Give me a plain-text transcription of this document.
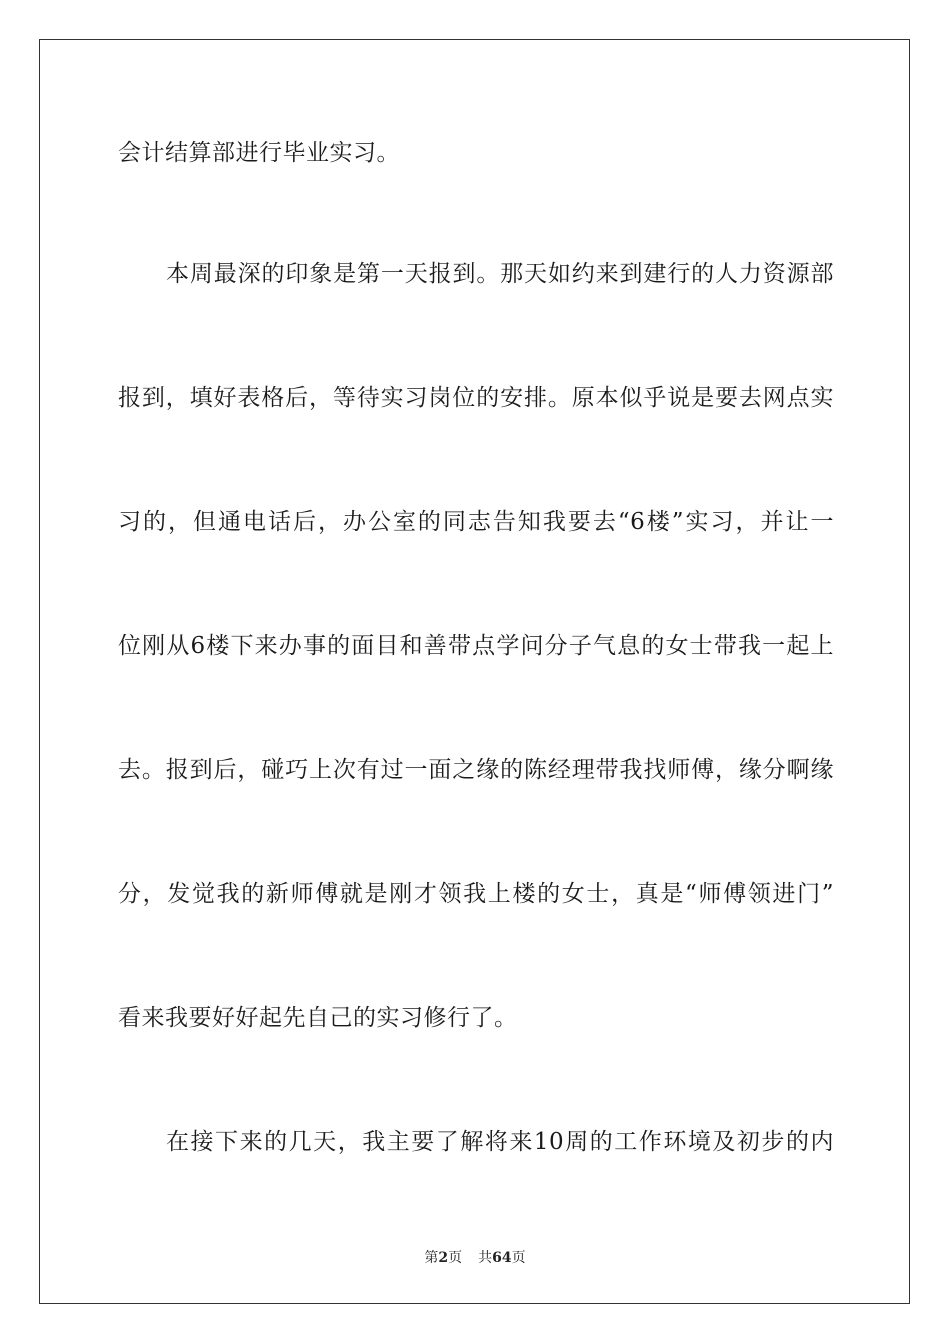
会计结算部进行毕业实习。
本周最深的印象是第一天报到。那天如约来到建行的人力资源部
报到，填好表格后，等待实习岗位的安排。原本似乎说是要去网点实
习的，但通电话后，办公室的同志告知我要去“6楼”实习，并让一
位刚从6楼下来办事的面目和善带点学问分子气息的女士带我一起上
去。报到后，碰巧上次有过一面之缘的陈经理带我找师傅，缘分啊缘
分，发觉我的新师傅就是刚才领我上楼的女士，真是“师傅领进门”
看来我要好好起先自己的实习修行了。
在接下来的几天，我主要了解将来10周的工作环境及初步的内
第2页 共64页
